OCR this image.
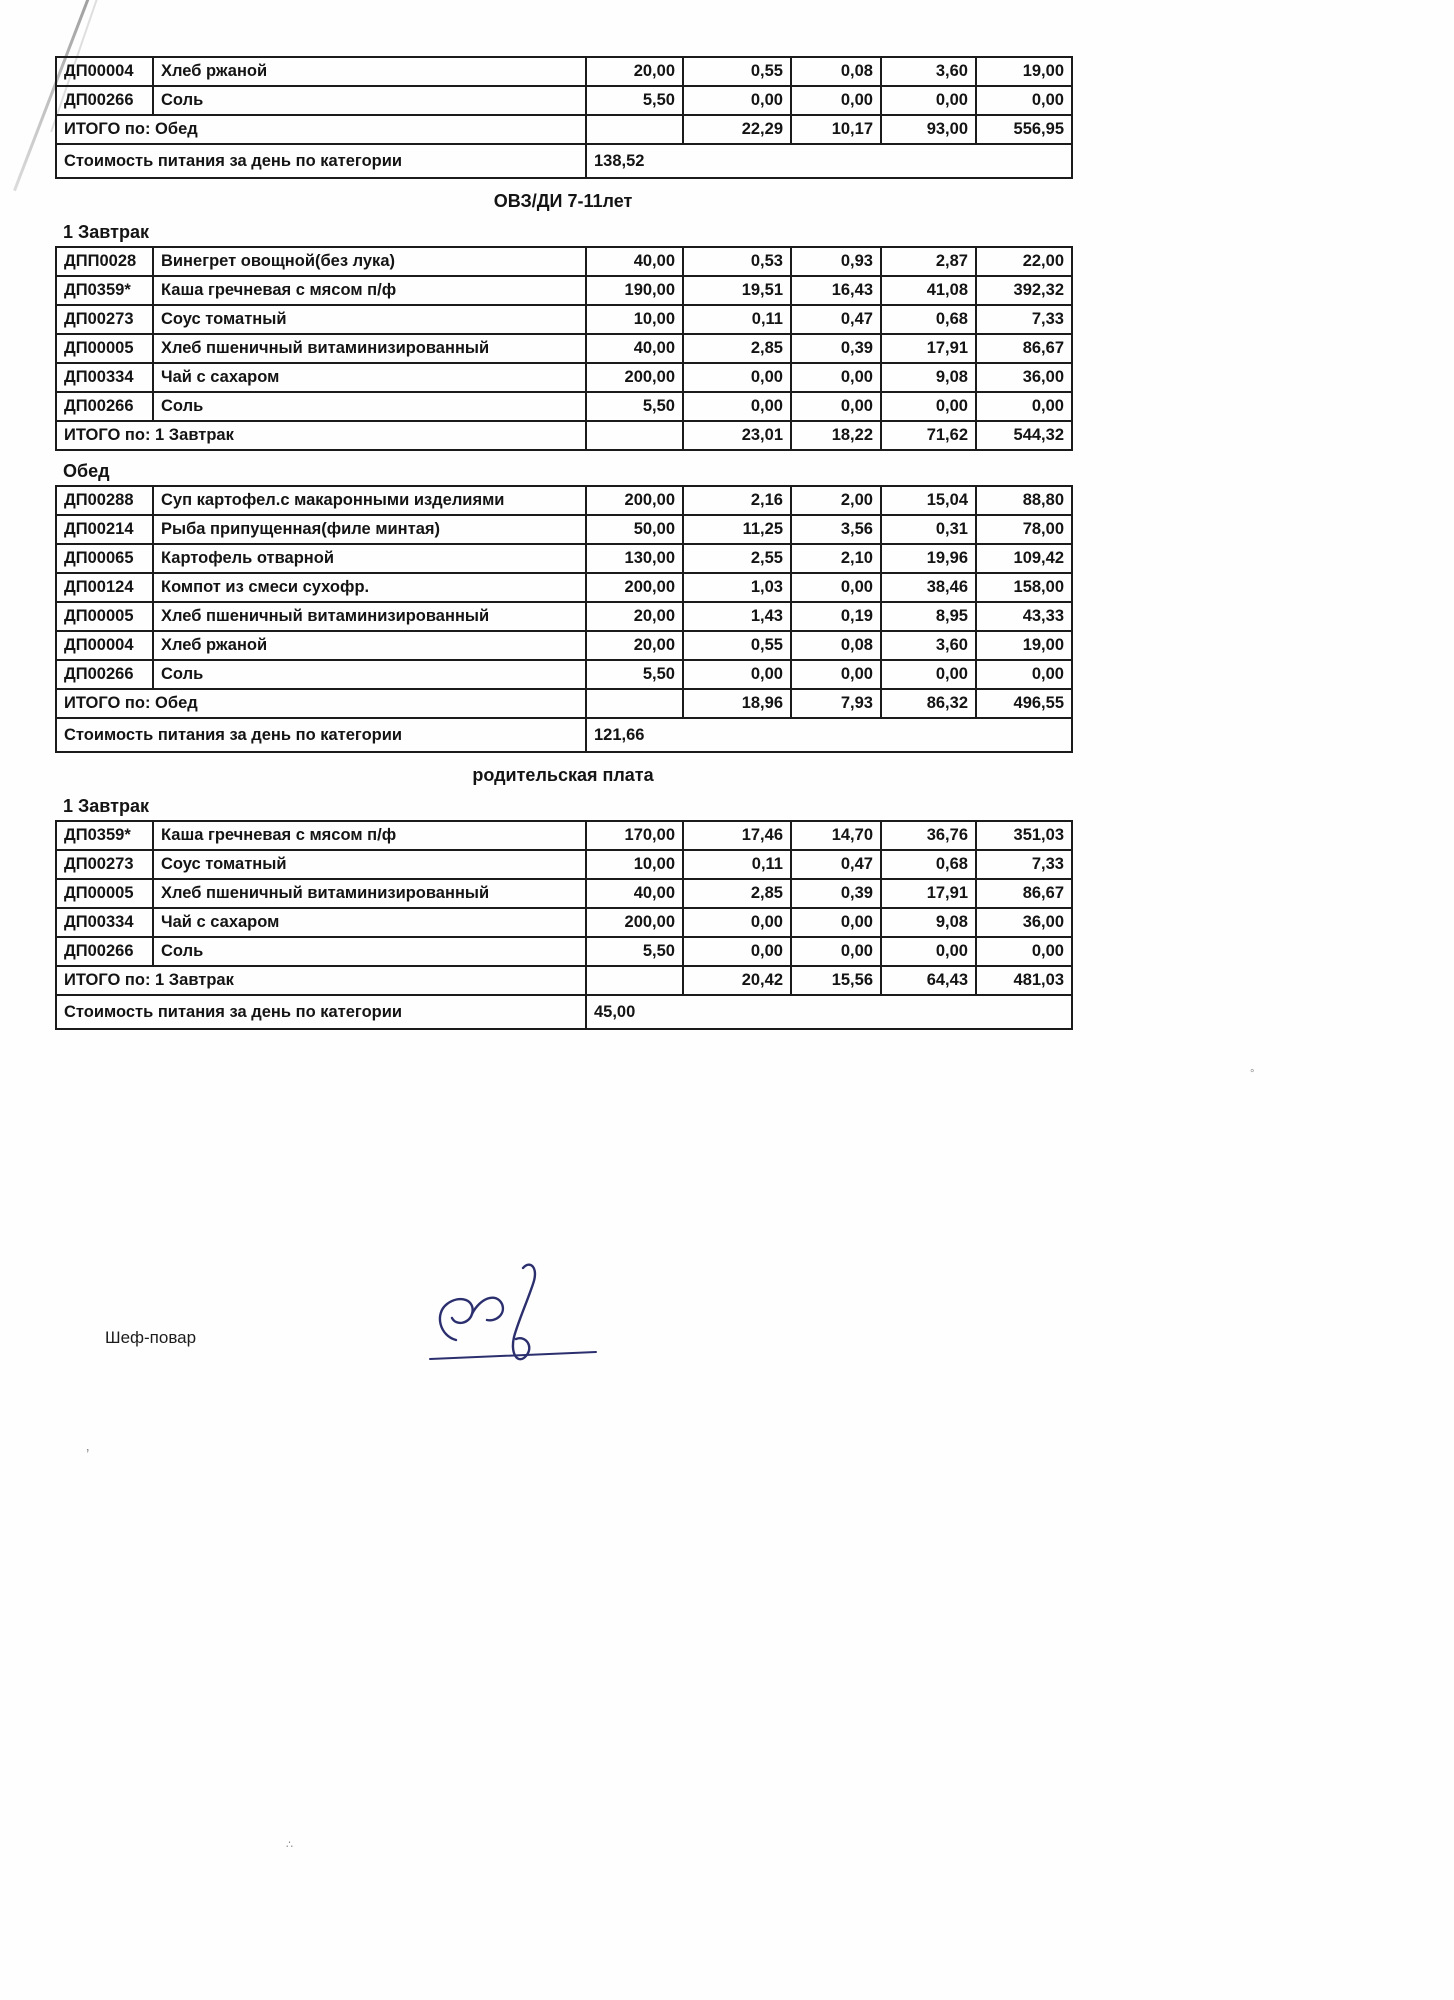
ДП00004	Хлеб ржаной	20,00	0,55	0,08	3,60	19,00
ДП00266	Соль	5,50	0,00	0,00	0,00	0,00
ИТОГО по: Обед			22,29	10,17	93,00	556,95
Стоимость питания за день по категории		138,52				
ОВЗ/ДИ 7-11лет
1 Завтрак
ДПП0028	Винегрет овощной(без лука)	40,00	0,53	0,93	2,87	22,00
ДП0359*	Каша гречневая с мясом п/ф	190,00	19,51	16,43	41,08	392,32
ДП00273	Соус томатный	10,00	0,11	0,47	0,68	7,33
ДП00005	Хлеб пшеничный витаминизированный	40,00	2,85	0,39	17,91	86,67
ДП00334	Чай с сахаром	200,00	0,00	0,00	9,08	36,00
ДП00266	Соль	5,50	0,00	0,00	0,00	0,00
ИТОГО по: 1 Завтрак			23,01	18,22	71,62	544,32
Обед
ДП00288	Суп картофел.с макаронными изделиями	200,00	2,16	2,00	15,04	88,80
ДП00214	Рыба припущенная(филе минтая)	50,00	11,25	3,56	0,31	78,00
ДП00065	Картофель отварной	130,00	2,55	2,10	19,96	109,42
ДП00124	Компот из смеси сухофр.	200,00	1,03	0,00	38,46	158,00
ДП00005	Хлеб пшеничный витаминизированный	20,00	1,43	0,19	8,95	43,33
ДП00004	Хлеб ржаной	20,00	0,55	0,08	3,60	19,00
ДП00266	Соль	5,50	0,00	0,00	0,00	0,00
ИТОГО по: Обед			18,96	7,93	86,32	496,55
Стоимость питания за день по категории		121,66				
родительская плата
1 Завтрак
ДП0359*	Каша гречневая с мясом п/ф	170,00	17,46	14,70	36,76	351,03
ДП00273	Соус томатный	10,00	0,11	0,47	0,68	7,33
ДП00005	Хлеб пшеничный витаминизированный	40,00	2,85	0,39	17,91	86,67
ДП00334	Чай с сахаром	200,00	0,00	0,00	9,08	36,00
ДП00266	Соль	5,50	0,00	0,00	0,00	0,00
ИТОГО по: 1 Завтрак			20,42	15,56	64,43	481,03
Стоимость питания за день по категории		45,00				
Шеф-повар
’
∴
°
